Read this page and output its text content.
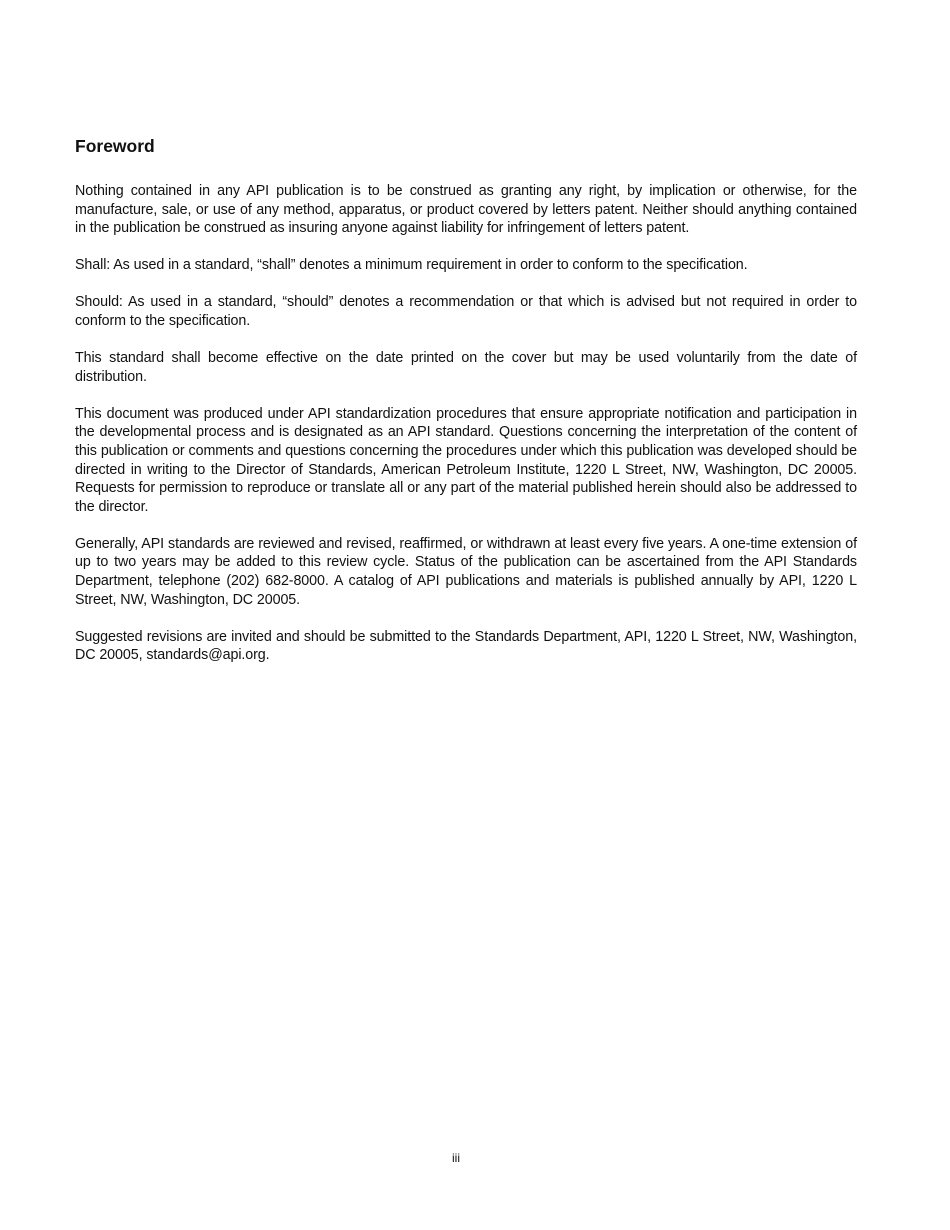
Foreword

Nothing contained in any API publication is to be construed as granting any right, by implication or otherwise, for the manufacture, sale, or use of any method, apparatus, or product covered by letters patent. Neither should anything contained in the publication be construed as insuring anyone against liability for infringement of letters patent.

Shall: As used in a standard, “shall” denotes a minimum requirement in order to conform to the specification.

Should: As used in a standard, “should” denotes a recommendation or that which is advised but not required in order to conform to the specification.

This standard shall become effective on the date printed on the cover but may be used voluntarily from the date of distribution.

This document was produced under API standardization procedures that ensure appropriate notification and participation in the developmental process and is designated as an API standard. Questions concerning the interpretation of the content of this publication or comments and questions concerning the procedures under which this publication was developed should be directed in writing to the Director of Standards, American Petroleum Institute, 1220 L Street, NW, Washington, DC 20005. Requests for permission to reproduce or translate all or any part of the material published herein should also be addressed to the director.

Generally, API standards are reviewed and revised, reaffirmed, or withdrawn at least every five years. A one-time extension of up to two years may be added to this review cycle. Status of the publication can be ascertained from the API Standards Department, telephone (202) 682-8000. A catalog of API publications and materials is published annually by API, 1220 L Street, NW, Washington, DC 20005.

Suggested revisions are invited and should be submitted to the Standards Department, API, 1220 L Street, NW, Washington, DC 20005, standards@api.org.

iii
